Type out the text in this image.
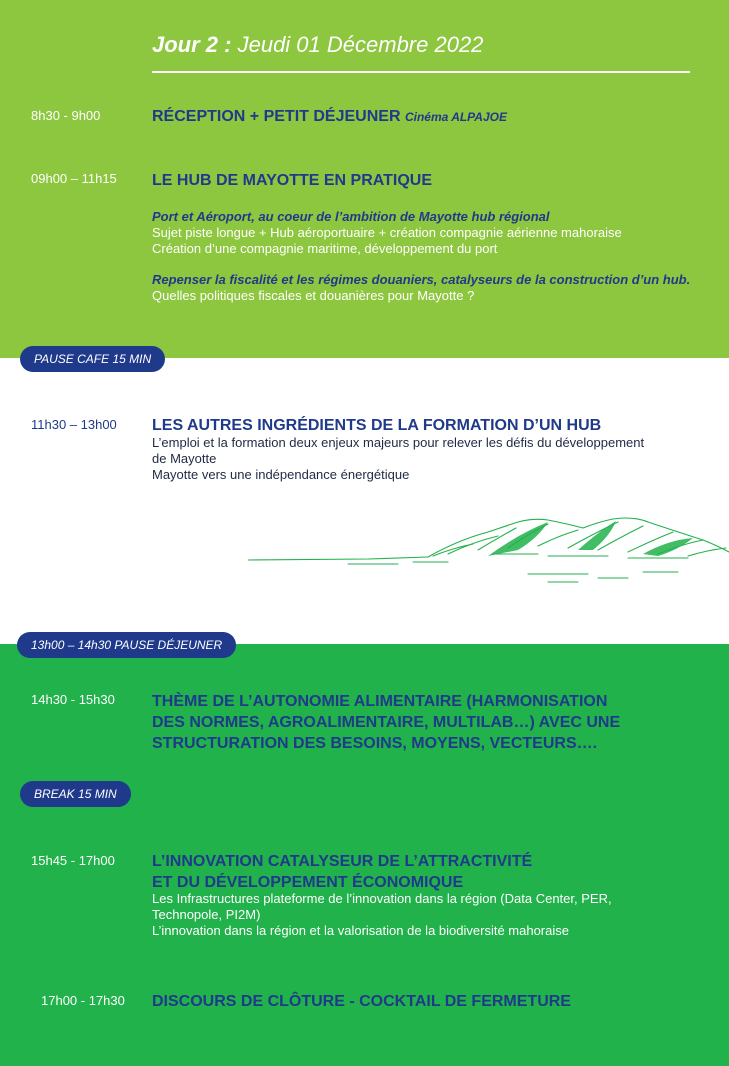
Jour 2 : Jeudi 01 Décembre 2022
8h30 - 9h00	RÉCEPTION + PETIT DÉJEUNER Cinéma ALPAJOE
09h00 – 11h15 LE HUB DE MAYOTTE EN PRATIQUE
Port et Aéroport, au coeur de l’ambition de Mayotte hub régional
Sujet piste longue + Hub aéroportuaire + création compagnie aérienne mahoraise
Création d’une compagnie maritime, développement du port
Repenser la fiscalité et les régimes douaniers, catalyseurs de la construction d’un hub.
Quelles politiques fiscales et douanières pour Mayotte ?
PAUSE CAFE 15 MIN
11h30 – 13h00 LES AUTRES INGRÉDIENTS DE LA FORMATION D’UN HUB
L’emploi et la formation deux enjeux majeurs pour relever les défis du développement
de Mayotte
Mayotte vers une indépendance énergétique
13h00 – 14h30 PAUSE DÉJEUNER
14h30 - 15h30 THÈME DE L’AUTONOMIE ALIMENTAIRE (HARMONISATION
DES NORMES, AGROALIMENTAIRE, MULTILAB…) AVEC UNE
STRUCTURATION DES BESOINS, MOYENS, VECTEURS….
BREAK 15 MIN
15h45 - 17h00 L’INNOVATION CATALYSEUR DE L’ATTRACTIVITÉ
ET DU DÉVELOPPEMENT ÉCONOMIQUE
Les Infrastructures plateforme de l’innovation dans la région (Data Center, PER,
Technopole, PI2M)
L’innovation dans la région et la valorisation de la biodiversité mahoraise
17h00 - 17h30 DISCOURS DE CLÔTURE - COCKTAIL DE FERMETURE
